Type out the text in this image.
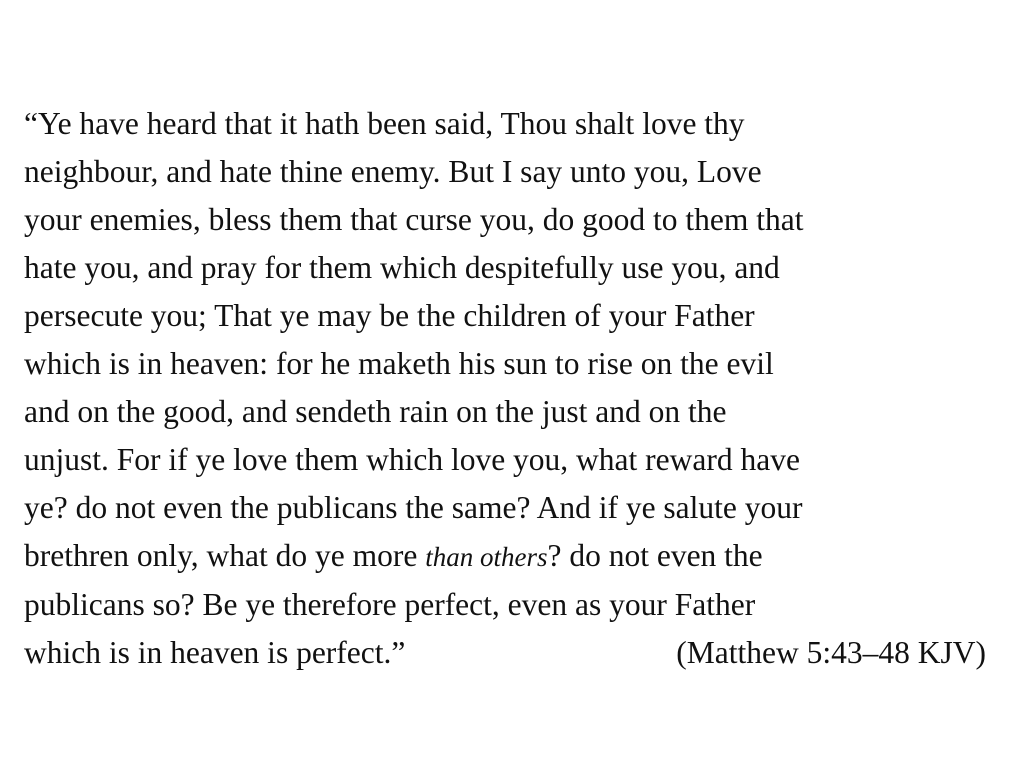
“Ye have heard that it hath been said, Thou shalt love thy
neighbour, and hate thine enemy. But I say unto you, Love
your enemies, bless them that curse you, do good to them that
hate you, and pray for them which despitefully use you, and
persecute you; That ye may be the children of your Father
which is in heaven: for he maketh his sun to rise on the evil
and on the good, and sendeth rain on the just and on the
unjust. For if ye love them which love you, what reward have
ye? do not even the publicans the same? And if ye salute your
brethren only, what do ye more than others? do not even the
publicans so? Be ye therefore perfect, even as your Father
which is in heaven is perfect.”	(Matthew 5:43–48 KJV)
